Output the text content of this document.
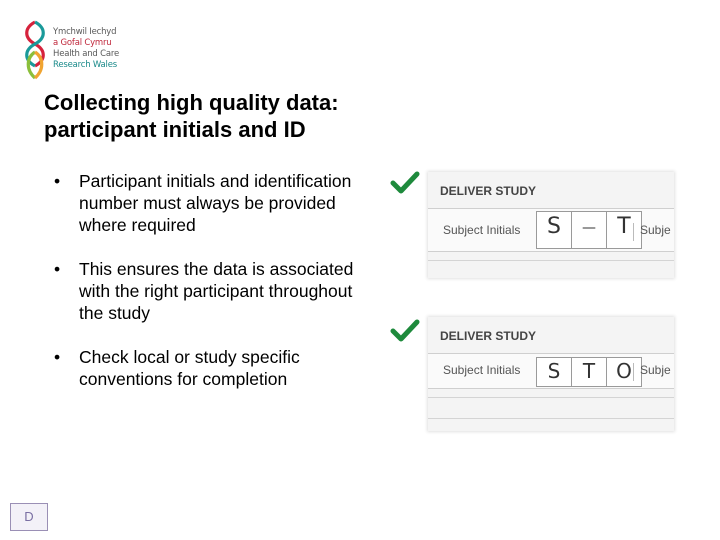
Ymchwil Iechyd
a Gofal Cymru
Health and Care
Research Wales
Collecting high quality data:
participant initials and ID
• Participant initials and identification number must always be provided where required
• This ensures the data is associated with the right participant throughout the study
• Check local or study specific conventions for completion
DELIVER STUDY
Subject Initials	S	— T Subje
DELIVER STUDY
Subject Initials	S	T	O Subje
D
